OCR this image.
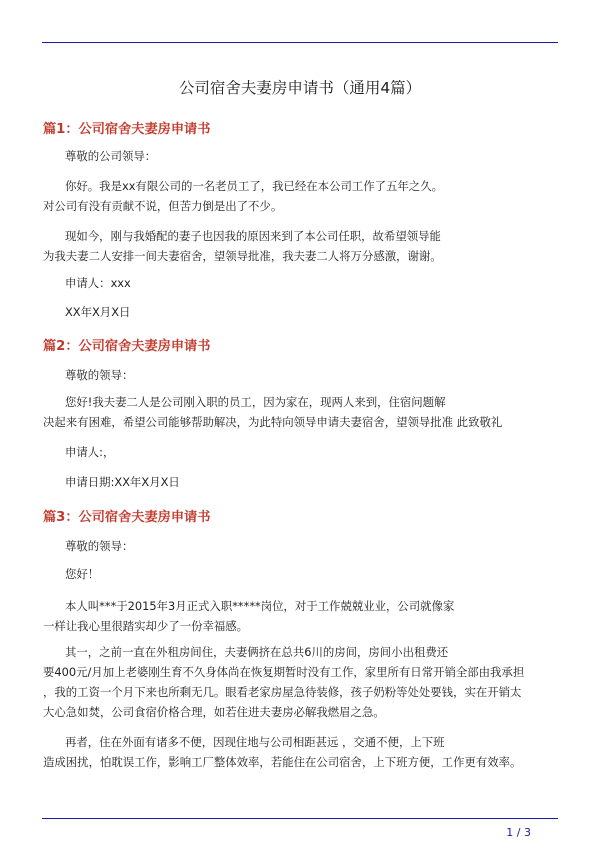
公司宿舍夫妻房申请书（通用4篇）
篇1：公司宿舍夫妻房申请书
尊敬的公司领导：
你好。我是xx有限公司的一名老员工了，我已经在本公司工作了五年之久。
对公司有没有贡献不说，但苦力倒是出了不少。
现如今，刚与我婚配的妻子也因我的原因来到了本公司任职，故希望领导能
为我夫妻二人安排一间夫妻宿舍，望领导批准，我夫妻二人将万分感激，谢谢。
申请人：xxx
XX年X月X日
篇2：公司宿舍夫妻房申请书
尊敬的领导：
您好!我夫妻二人是公司刚入职的员工，因为家在，现两人来到，住宿问题解
决起来有困难，希望公司能够帮助解决，为此特向领导申请夫妻宿舍，望领导批准 此致敬礼
申请人:，
申请日期:XX年X月X日
篇3：公司宿舍夫妻房申请书
尊敬的领导：
您好！
本人叫***于2015年3月正式入职*****岗位，对于工作兢兢业业，公司就像家
一样让我心里很踏实却少了一份幸福感。
其一，之前一直在外租房间住，夫妻俩挤在总共6川的房间，房间小出租费还
要400元/月加上老婆刚生育不久身体尚在恢复期暂时没有工作，家里所有日常开销全部由我承担
，我的工资一个月下来也所剩无几。眼看老家房屋急待装修，孩子奶粉等处处要钱，实在开销太
大心急如焚，公司食宿价格合理，如若住进夫妻房必解我燃眉之急。
再者，住在外面有诸多不便，因现住地与公司相距甚远 ，交通不便，上下班
造成困扰，怕耽误工作，影响工厂整体效率，若能住在公司宿舍，上下班方便，工作更有效率。
1 / 3
